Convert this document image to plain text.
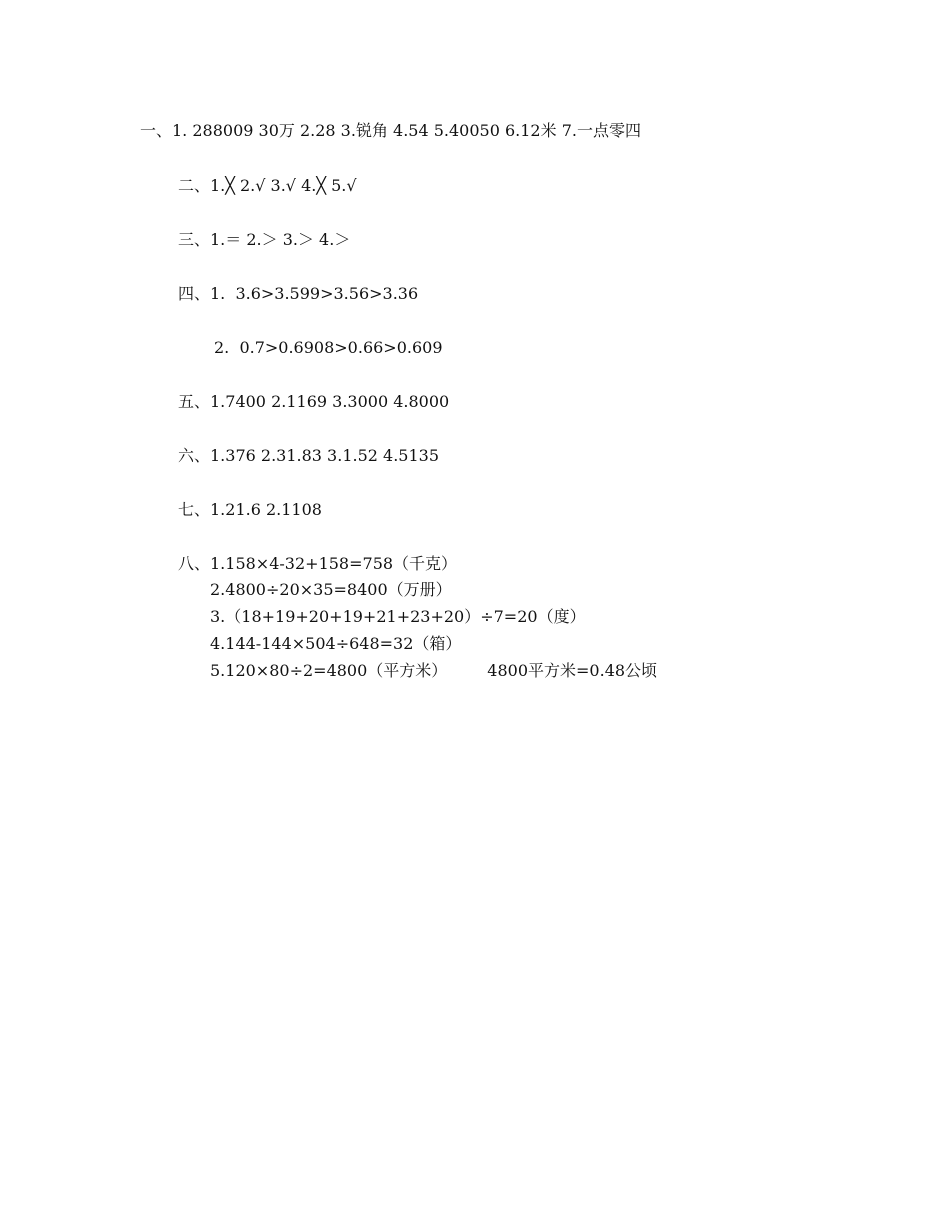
一、1. 288009 30万 2.28 3.锐角 4.54 5.40050 6.12米 7.一点零四
二、1.╳ 2.√ 3.√ 4.╳ 5.√
三、1.＝ 2.＞ 3.＞ 4.＞
四、1.  3.6>3.599>3.56>3.36
2.  0.7>0.6908>0.66>0.609
五、1.7400 2.1169 3.3000 4.8000
六、1.376 2.31.83 3.1.52 4.5135
七、1.21.6 2.1108
八、1.158×4-32+158=758（千克）
2.4800÷20×35=8400（万册）
3.（18+19+20+19+21+23+20）÷7=20（度）
4.144-144×504÷648=32（箱）
5.120×80÷2=4800（平方米）	4800平方米=0.48公顷
